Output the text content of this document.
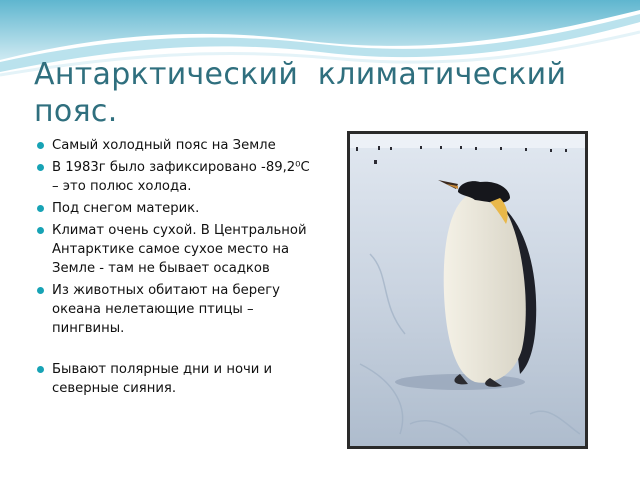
Антарктический  климатический
пояс.
Самый холодный пояс на Земле
В 1983г было зафиксировано -89,2⁰С – это полюс холода.
Под снегом материк.
Климат очень сухой. В Центральной Антарктике самое сухое место на Земле - там не бывает осадков
Из животных обитают на берегу океана нелетающие птицы – пингвины.
Бывают полярные дни и ночи и северные сияния.
